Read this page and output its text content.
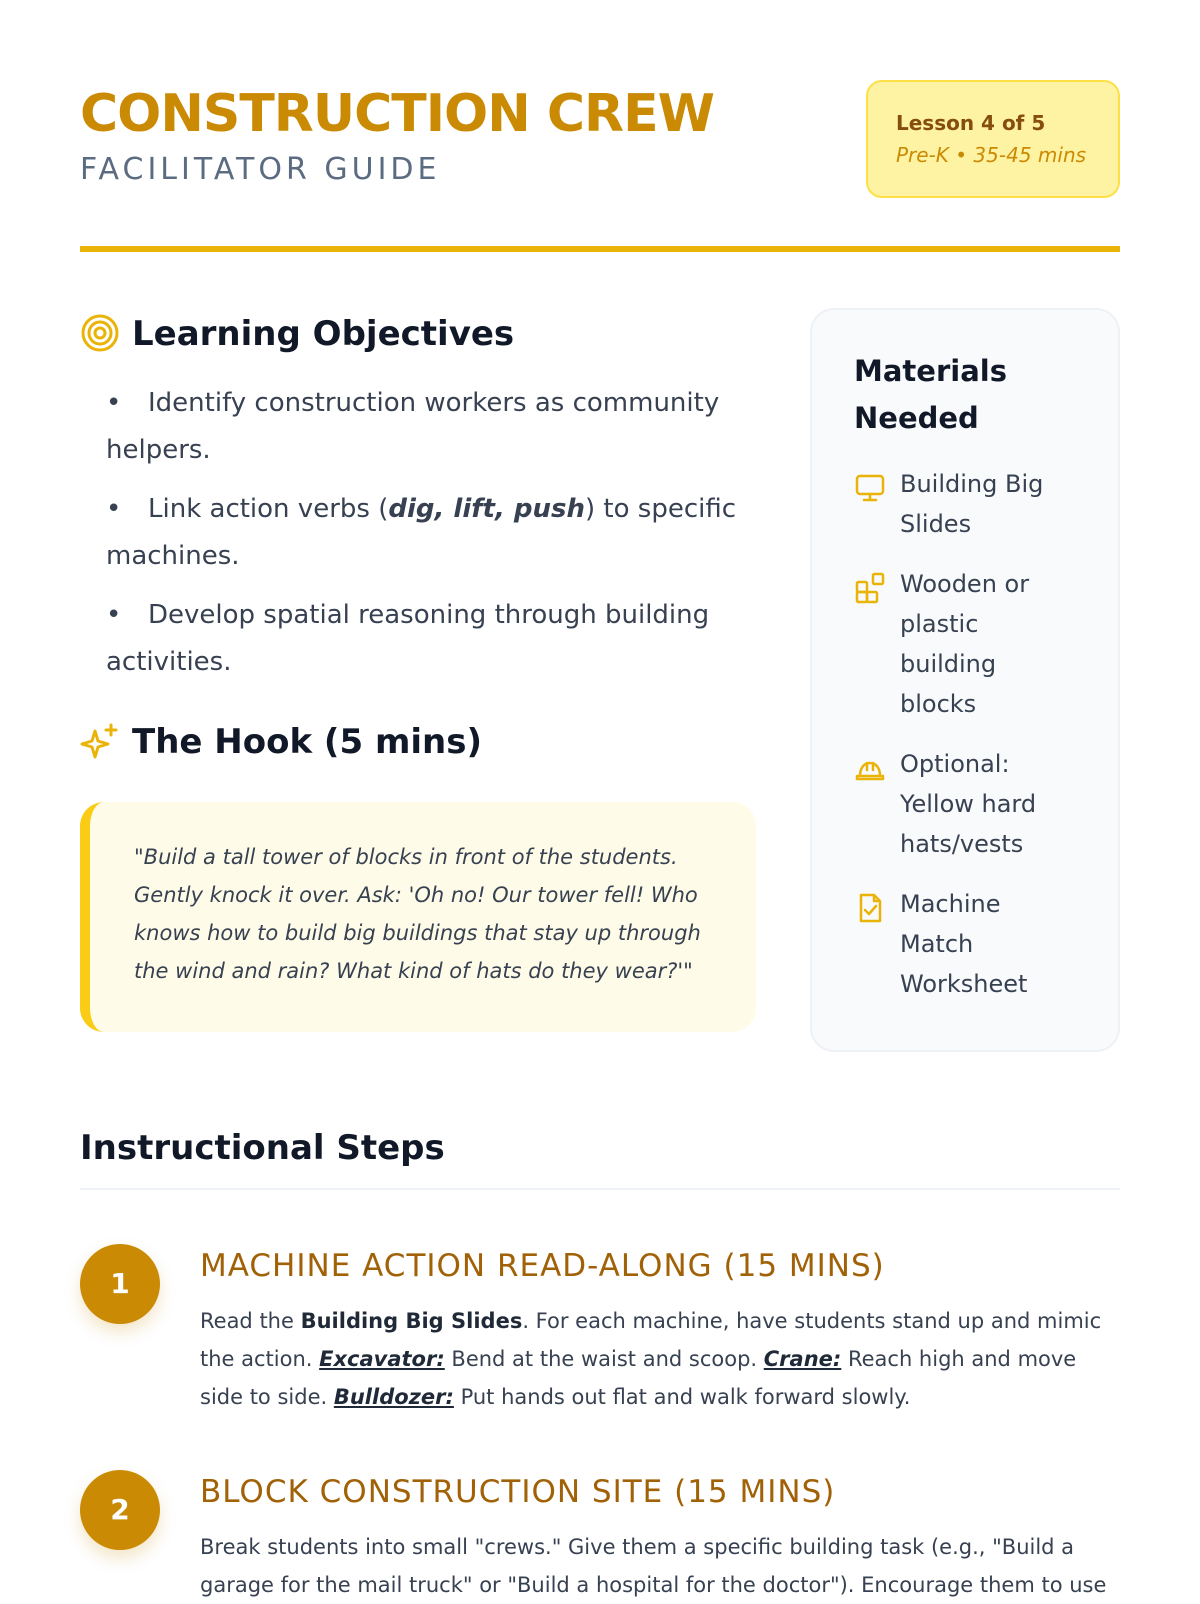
CONSTRUCTION CREW
FACILITATOR GUIDE
Lesson 4 of 5
Pre-K • 35-45 mins
Learning Objectives
• Identify construction workers as community helpers.
• Link action verbs (dig, lift, push) to specific machines.
• Develop spatial reasoning through building activities.
The Hook (5 mins)

"Build a tall tower of blocks in front of the students. Gently knock it over. Ask: 'Oh no! Our tower fell! Who knows how to build big buildings that stay up through the wind and rain? What kind of hats do they wear?'"

Materials Needed
Building Big Slides
Wooden or plastic building blocks
Optional: Yellow hard hats/vests
Machine Match Worksheet
Instructional Steps
1	MACHINE ACTION READ-ALONG (15 MINS)

Read the Building Big Slides. For each machine, have students stand up and mimic the action. Excavator: Bend at the waist and scoop. Crane: Reach high and move side to side. Bulldozer: Put hands out flat and walk forward slowly.

2	BLOCK CONSTRUCTION SITE (15 MINS)

Break students into small "crews." Give them a specific building task (e.g., "Build a garage for the mail truck" or "Build a hospital for the doctor"). Encourage them to use
